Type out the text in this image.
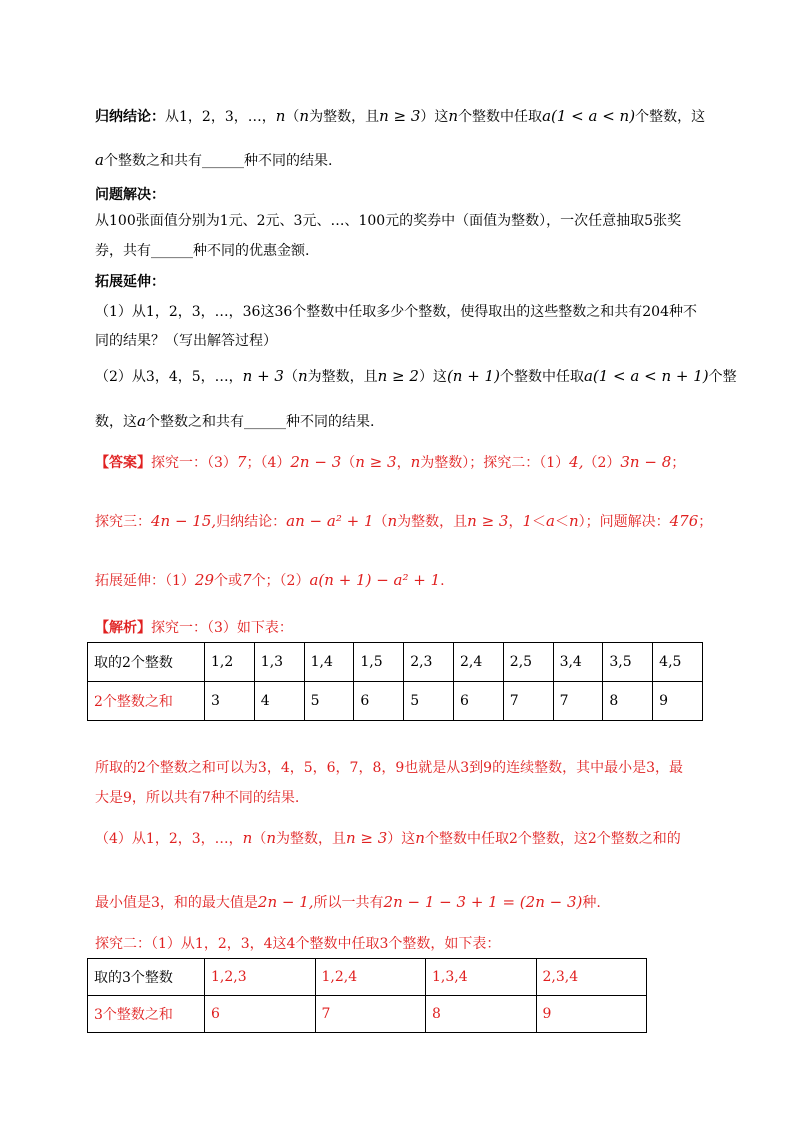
归纳结论：从1，2，3，…，n（n为整数，且n ≥ 3）这n个整数中任取a(1 < a < n)个整数，这
a个整数之和共有______种不同的结果.
问题解决：
从100张面值分别为1元、2元、3元、…、100元的奖券中（面值为整数），一次任意抽取5张奖
券，共有______种不同的优惠金额.
拓展延伸：
（1）从1，2，3，…，36这36个整数中任取多少个整数，使得取出的这些整数之和共有204种不
同的结果？（写出解答过程）
（2）从3，4，5，…，n + 3（n为整数，且n ≥ 2）这(n + 1)个整数中任取a(1 < a < n + 1)个整
数，这a个整数之和共有______种不同的结果.
【答案】探究一：（3）7；（4）2n − 3（n ≥ 3，n为整数）；探究二：（1）4,（2）3n − 8；
探究三：4n − 15,归纳结论：an − a² + 1（n为整数，且n ≥ 3，1＜a＜n）；问题解决：476；
拓展延伸：（1）29个或7个；（2）a(n + 1) − a² + 1.
【解析】探究一：（3）如下表：
取的2个整数	1,2	1,3	1,4	1,5	2,3	2,4	2,5	3,4	3,5	4,5
2个整数之和	3	4	5	6	5	6	7	7	8	9
所取的2个整数之和可以为3，4，5，6，7，8，9也就是从3到9的连续整数，其中最小是3，最
大是9，所以共有7种不同的结果.
（4）从1，2，3，…，n（n为整数，且n ≥ 3）这n个整数中任取2个整数，这2个整数之和的
最小值是3，和的最大值是2n − 1,所以一共有2n − 1 − 3 + 1 = (2n − 3)种.
探究二：（1）从1，2，3，4这4个整数中任取3个整数，如下表：
取的3个整数	1,2,3	1,2,4	1,3,4	2,3,4
3个整数之和	6	7	8	9
